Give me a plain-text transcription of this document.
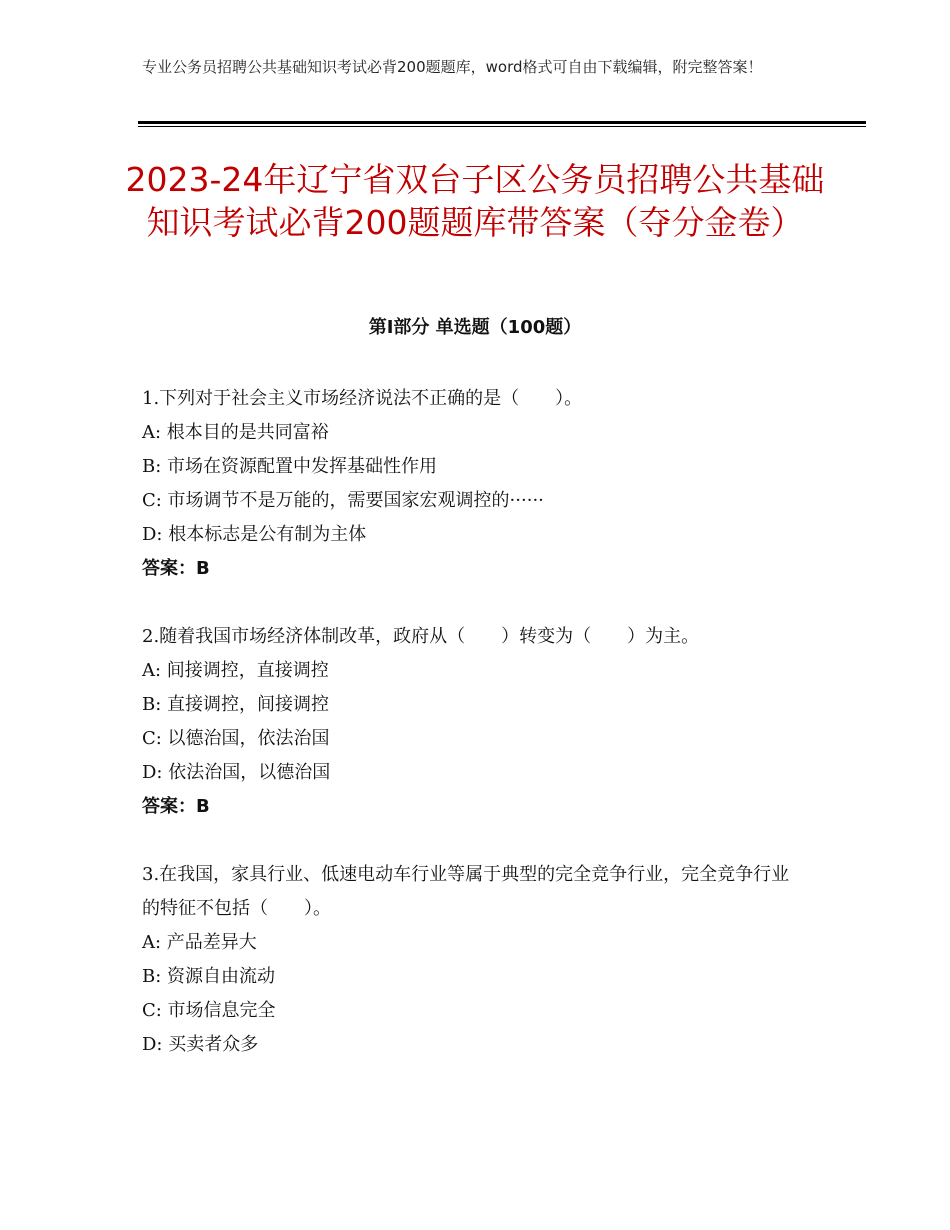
专业公务员招聘公共基础知识考试必背200题题库，word格式可自由下载编辑，附完整答案！
2023-24年辽宁省双台子区公务员招聘公共基础知识考试必背200题题库带答案（夺分金卷）
第Ⅰ部分 单选题（100题）
1.下列对于社会主义市场经济说法不正确的是（　　）。
A: 根本目的是共同富裕
B: 市场在资源配置中发挥基础性作用
C: 市场调节不是万能的，需要国家宏观调控的······
D: 根本标志是公有制为主体
答案：B
2.随着我国市场经济体制改革，政府从（　　）转变为（　　）为主。
A: 间接调控，直接调控
B: 直接调控，间接调控
C: 以德治国，依法治国
D: 依法治国，以德治国
答案：B
3.在我国，家具行业、低速电动车行业等属于典型的完全竞争行业，完全竞争行业的特征不包括（　　）。
A: 产品差异大
B: 资源自由流动
C: 市场信息完全
D: 买卖者众多
